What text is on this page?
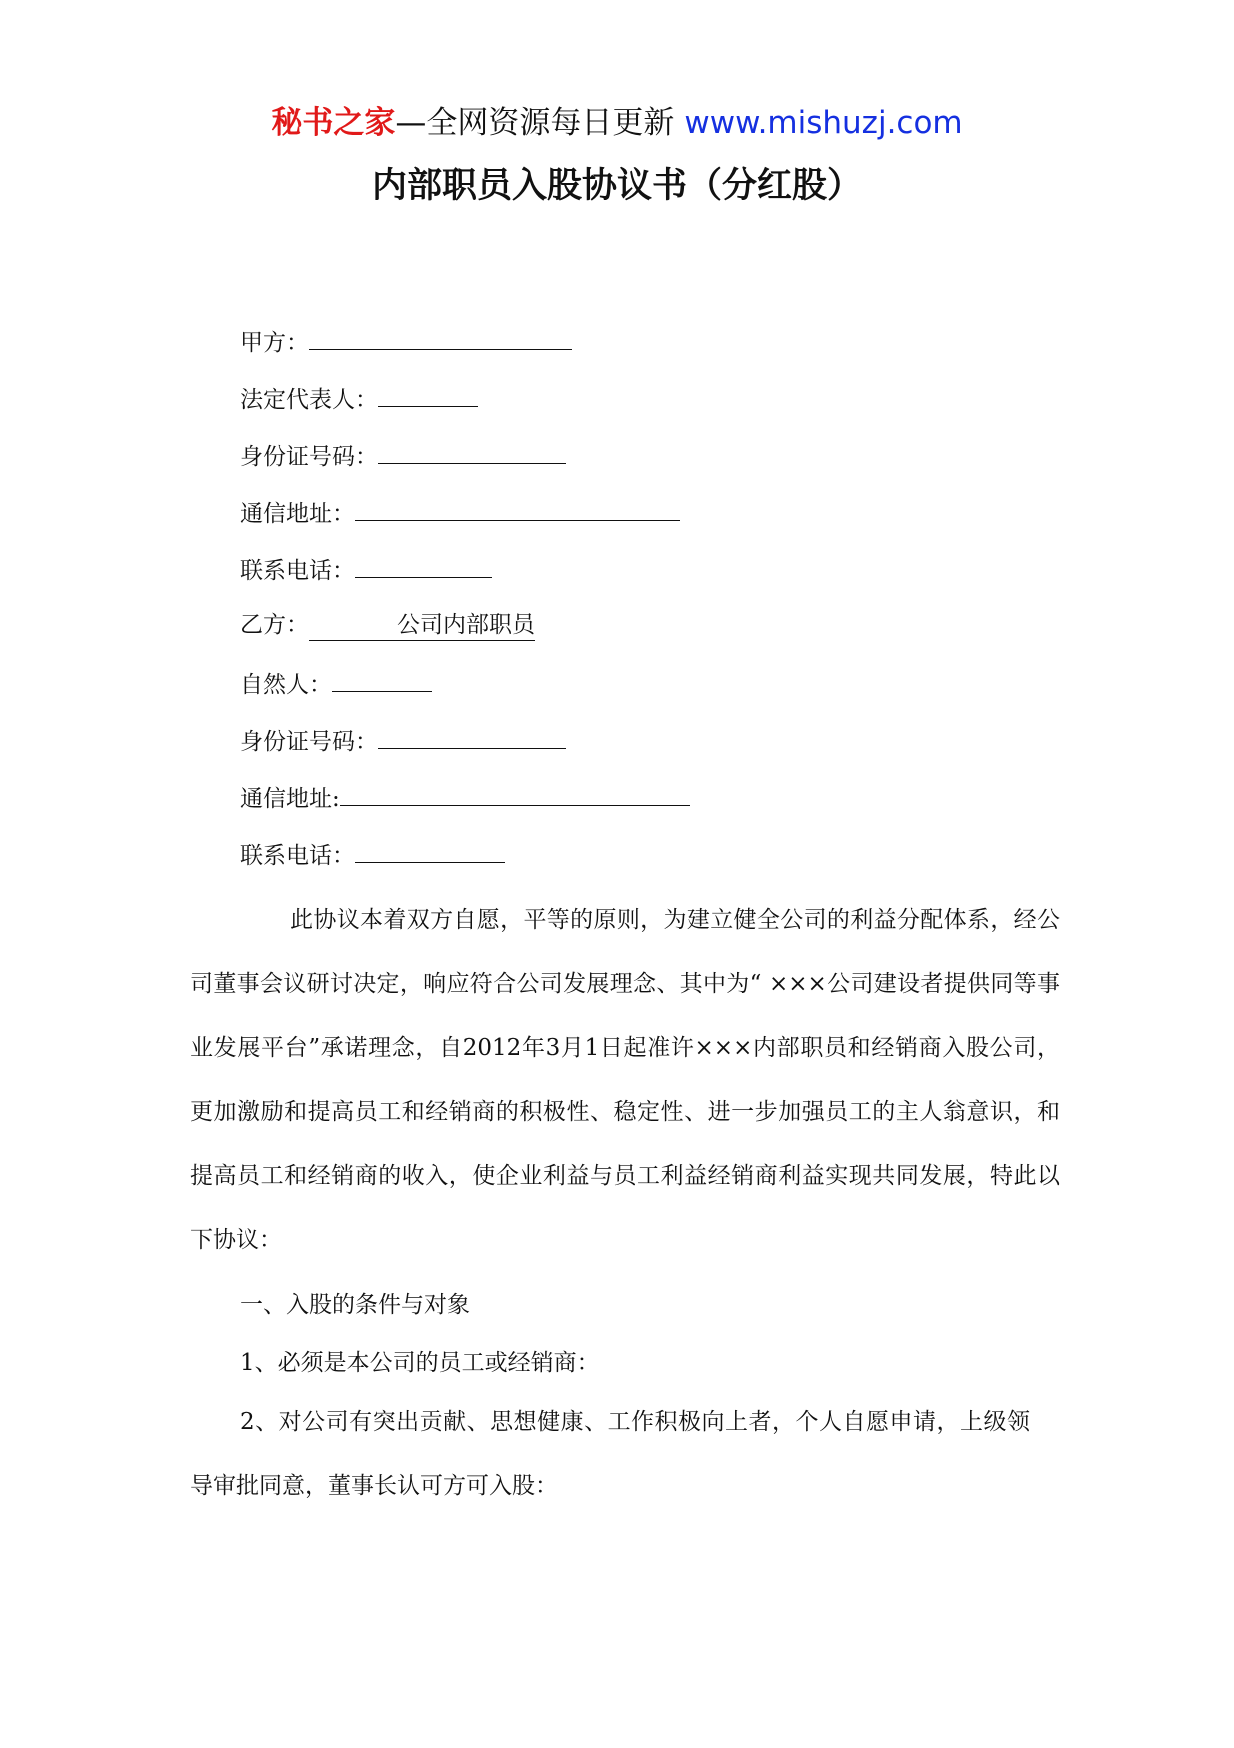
秘书之家—全网资源每日更新 www.mishuzj.com
内部职员入股协议书（分红股）
甲方：
法定代表人：
身份证号码：
通信地址：
联系电话：
乙方：	公司内部职员
自然人：
身份证号码：
通信地址:
联系电话：
此协议本着双方自愿，平等的原则，为建立健全公司的利益分配体系，经公司董事会议研讨决定，响应符合公司发展理念、其中为“ ×××公司建设者提供同等事业发展平台”承诺理念，自2012年3月1日起准许×××内部职员和经销商入股公司，更加激励和提高员工和经销商的积极性、稳定性、进一步加强员工的主人翁意识，和提高员工和经销商的收入，使企业利益与员工利益经销商利益实现共同发展，特此以下协议：
一、入股的条件与对象
1、必须是本公司的员工或经销商：
2、对公司有突出贡献、思想健康、工作积极向上者，个人自愿申请，上级领导审批同意，董事长认可方可入股：
